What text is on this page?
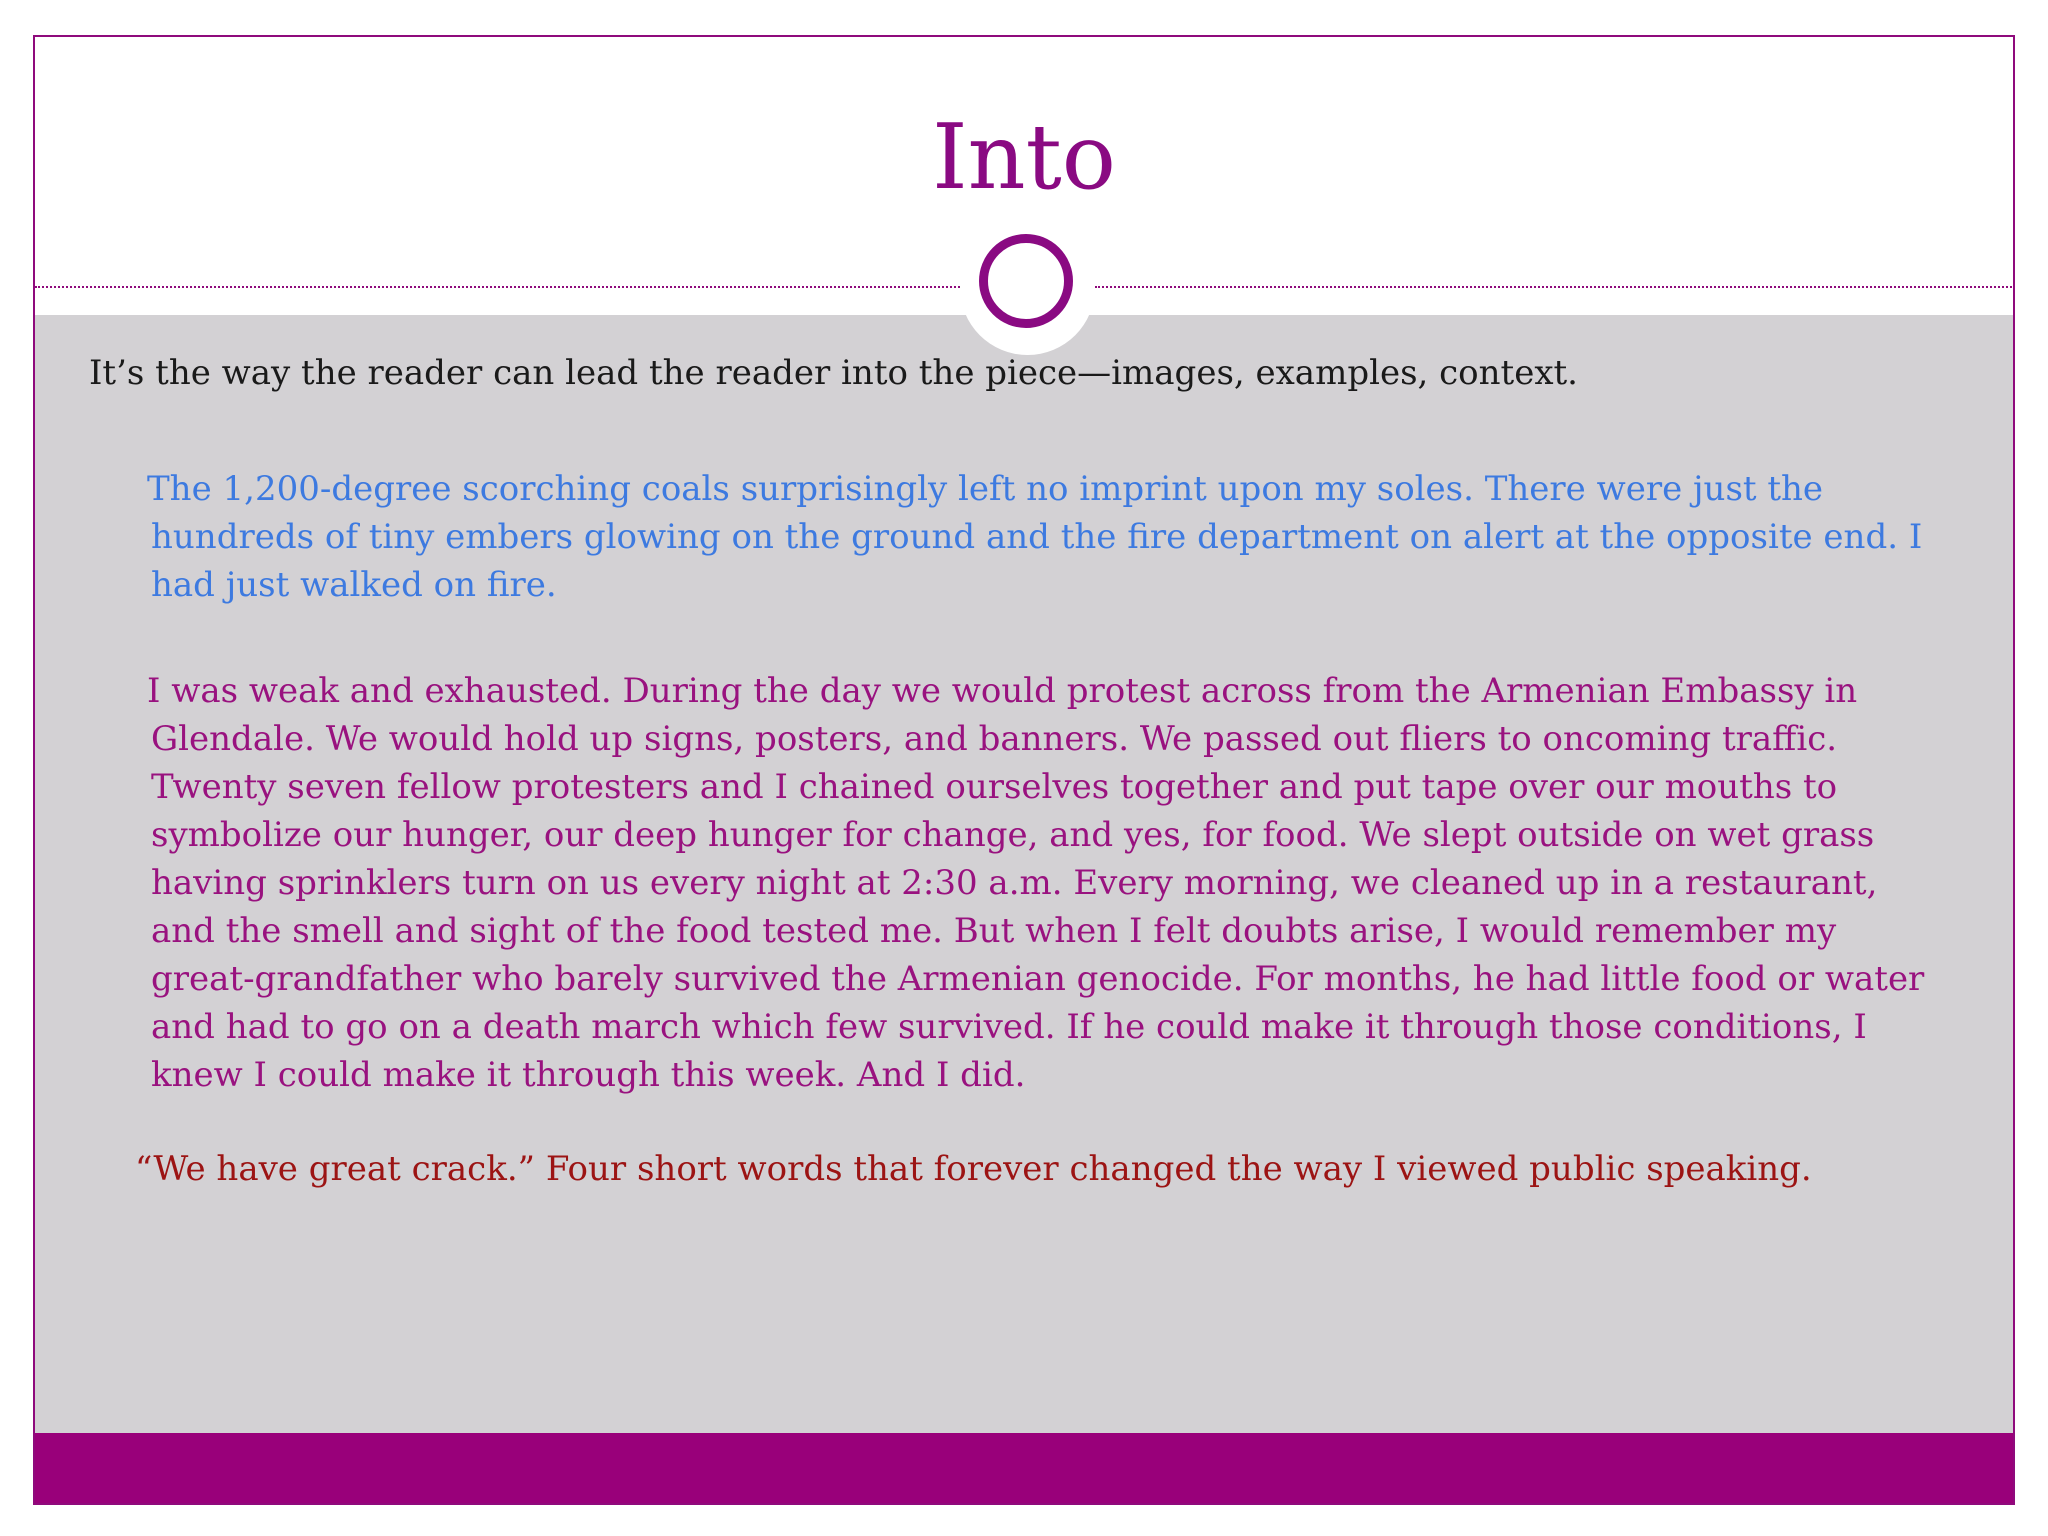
Into

It’s the way the reader can lead the reader into the piece—images, examples, context.

The 1,200-degree scorching coals surprisingly left no imprint upon my soles. There were just the
hundreds of tiny embers glowing on the ground and the fire department on alert at the opposite end. I
had just walked on fire.
I was weak and exhausted. During the day we would protest across from the Armenian Embassy in
Glendale. We would hold up signs, posters, and banners. We passed out fliers to oncoming traffic.
Twenty seven fellow protesters and I chained ourselves together and put tape over our mouths to
symbolize our hunger, our deep hunger for change, and yes, for food. We slept outside on wet grass
having sprinklers turn on us every night at 2:30 a.m. Every morning, we cleaned up in a restaurant,
and the smell and sight of the food tested me. But when I felt doubts arise, I would remember my
great-grandfather who barely survived the Armenian genocide. For months, he had little food or water
and had to go on a death march which few survived. If he could make it through those conditions, I
knew I could make it through this week. And I did.
“We have great crack.” Four short words that forever changed the way I viewed public speaking.
